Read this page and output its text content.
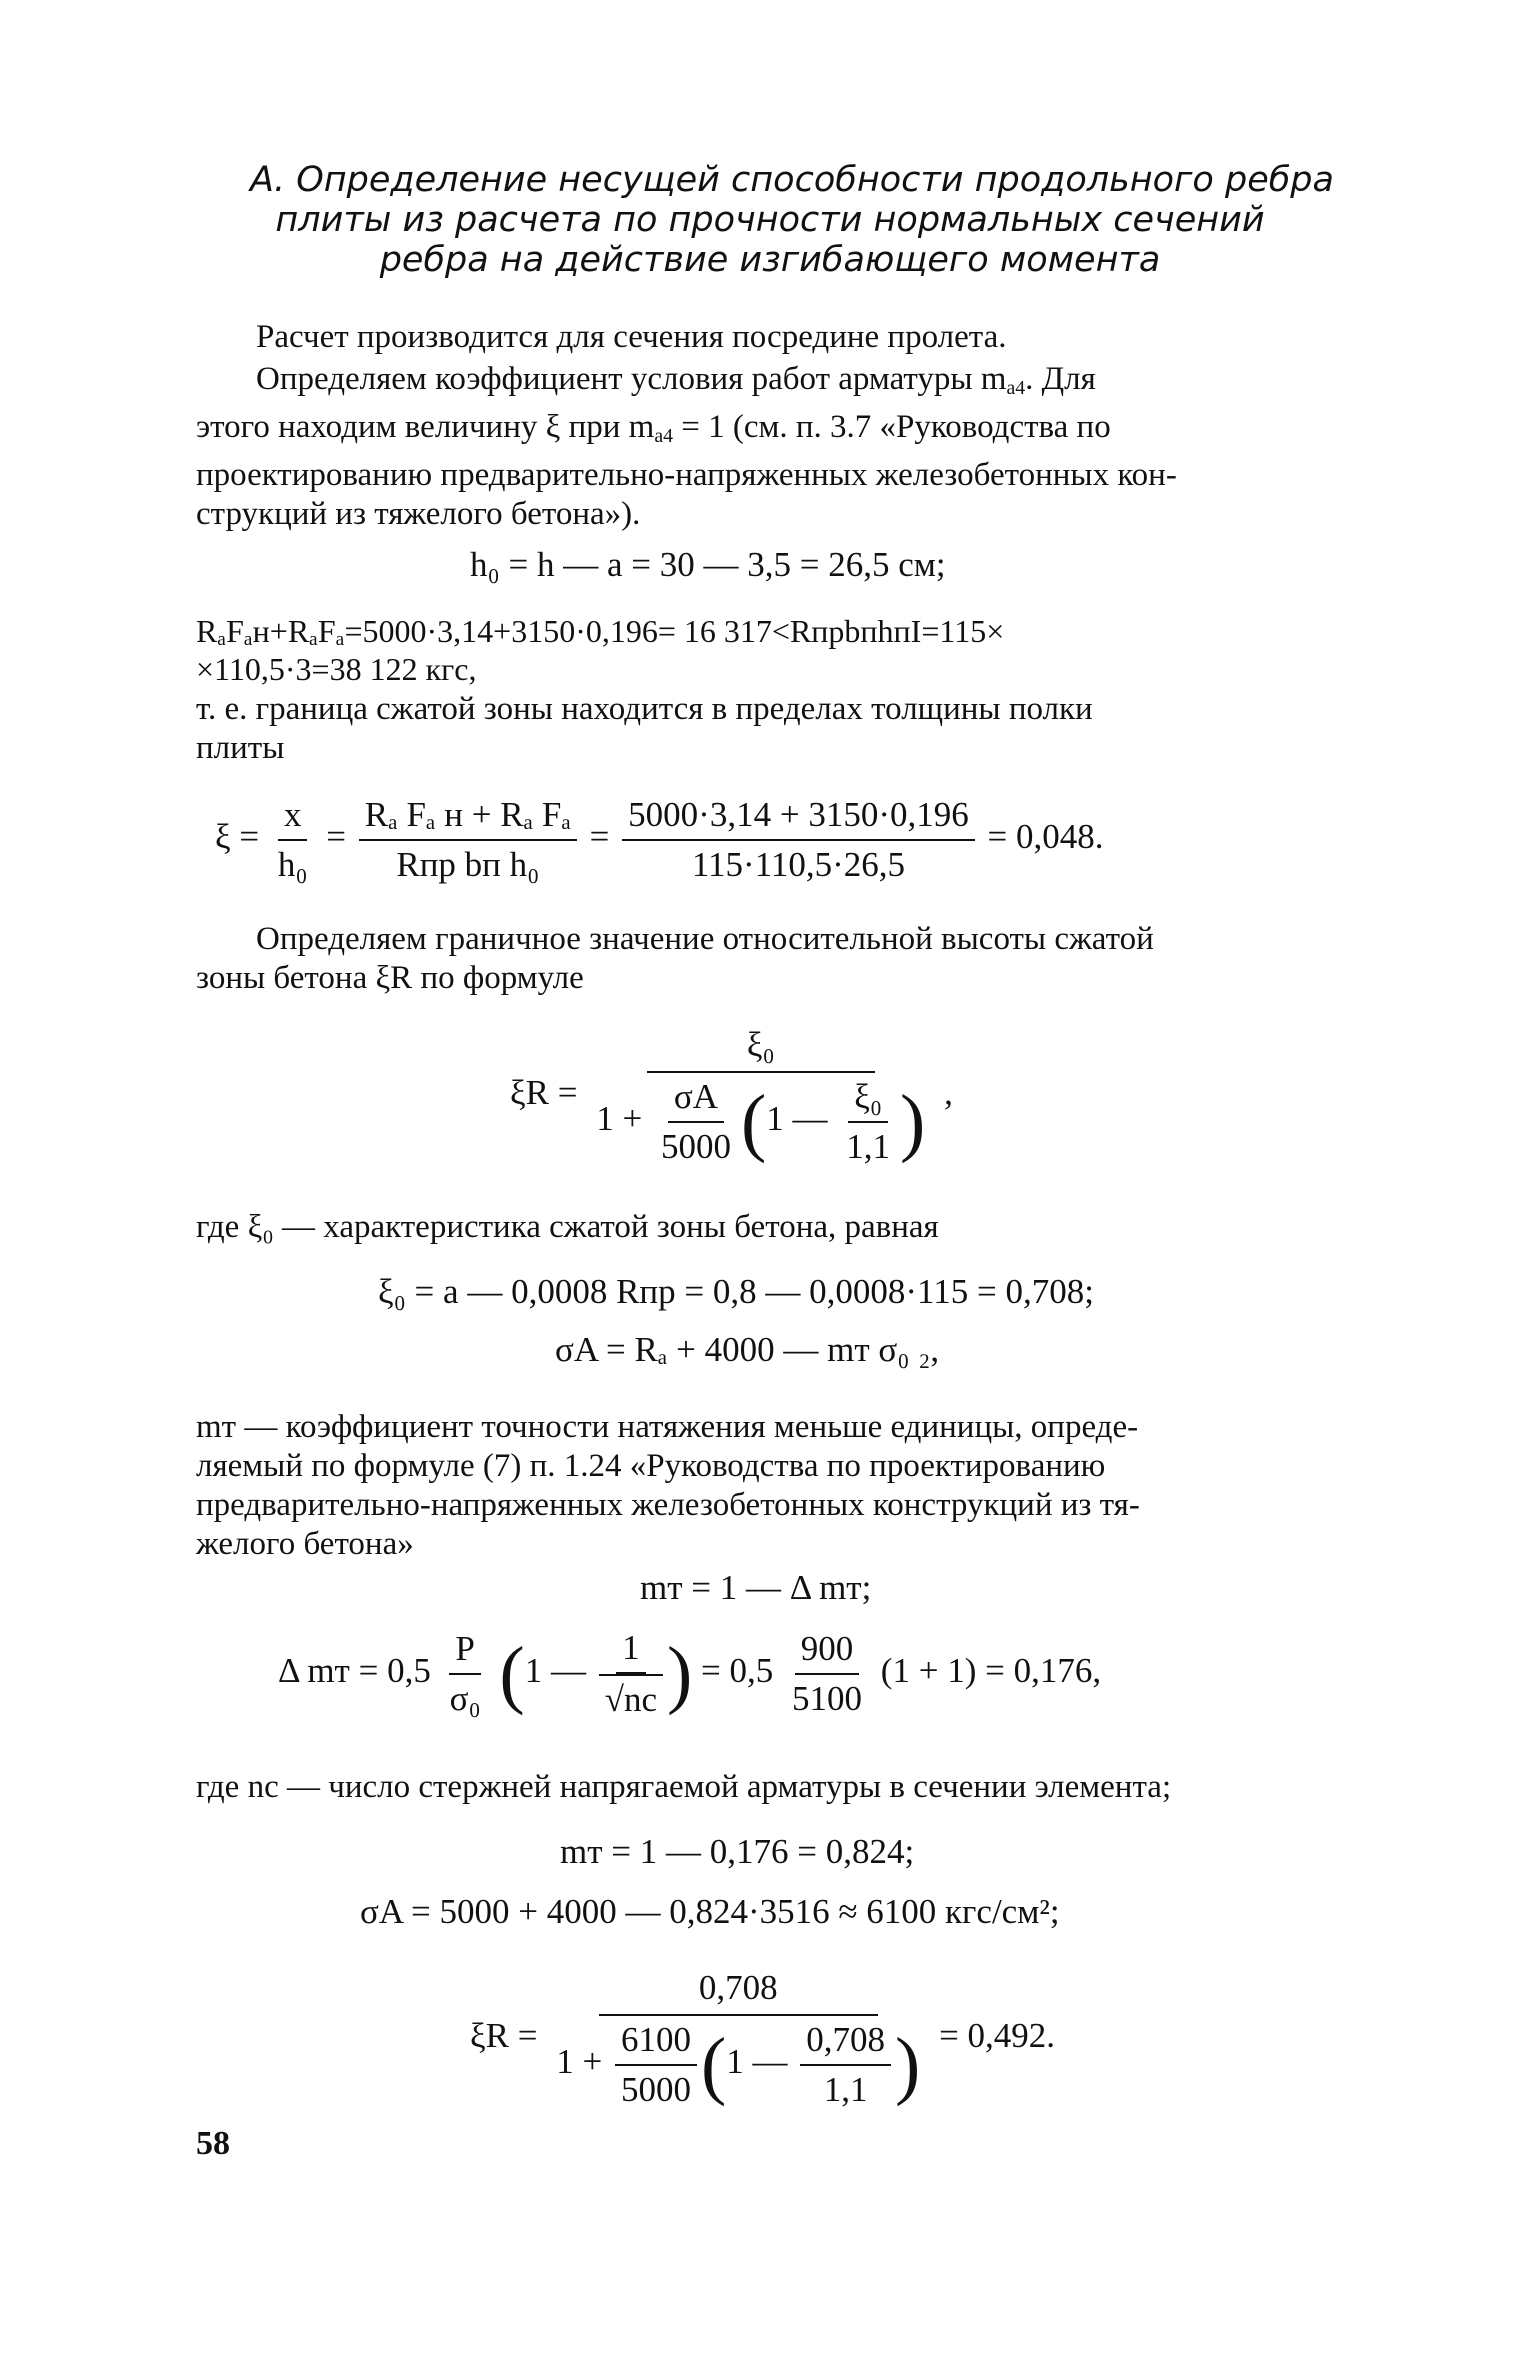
А. Определение несущей способности продольного ребра
плиты из расчета по прочности нормальных сечений
ребра на действие изгибающего момента
Расчет производится для сечения посредине пролета.
Определяем коэффициент условия работ арматуры $m_{а4}$. Для
этого находим величину ξ при $m_{а4} = 1$ (см. п. 3.7 «Руководства по
проектированию предварительно-напряженных железобетонных кон-
струкций из тяжелого бетона»).
h₀ = h — a = 30 — 3,5 = 26,5 см;
RₐFₐн+RₐFₐ=5000·3,14+3150·0,196= 16 317<RпрbпhпI=115×
×110,5·3=38 122 кгс,
т. е. граница сжатой зоны находится в пределах толщины полки
плиты
$\xi = \frac{x}{\text{h₀}} = \frac{\text{Rₐ Fₐ н + Rₐ Fₐ}}{\text{Rпр bп h₀}} = \frac{5000\cdot 3,14 + 3150\cdot 0,196}{115\cdot 110,5\cdot 26,5} = 0,048$.
Определяем граничное значение относительной высоты сжатой
зоны бетона ξR по формуле
$\xi R = \frac{\text{ξ₀}}{1 + \frac{\sigma A}{5000} (1 — \frac{\text{ξ₀}}{1,1} )}$ ,
где ξ₀ — характеристика сжатой зоны бетона, равная
ξ₀ = a — 0,0008 Rпр = 0,8 — 0,0008·115 = 0,708;
σA = Rₐ + 4000 — mт σ₀ ₂,
mт — коэффициент точности натяжения меньше единицы, опреде-
ляемый по формуле (7) п. 1.24 «Руководства по проектированию
предварительно-напряженных железобетонных конструкций из тя-
желого бетона»
mт = 1 — Δ mт;
Δ mт = $0,5 \frac{P}{\text{σ₀}} (1$ — $\frac{1}{√nc}$ ) = $0,5 \frac{900}{5100} (1 + 1) = 0,176$,
где nc — число стержней напрягаемой арматуры в сечении элемента;
mт = 1 — 0,176 = 0,824;
σA = 5000 + 4000 — 0,824·3516 ≈ 6100 кгс/см²;
$\xi R = \frac{0,708}{1 + \frac{6100}{5000} (1 — \frac{0,708}{1,1} )} = 0,492$.
58
